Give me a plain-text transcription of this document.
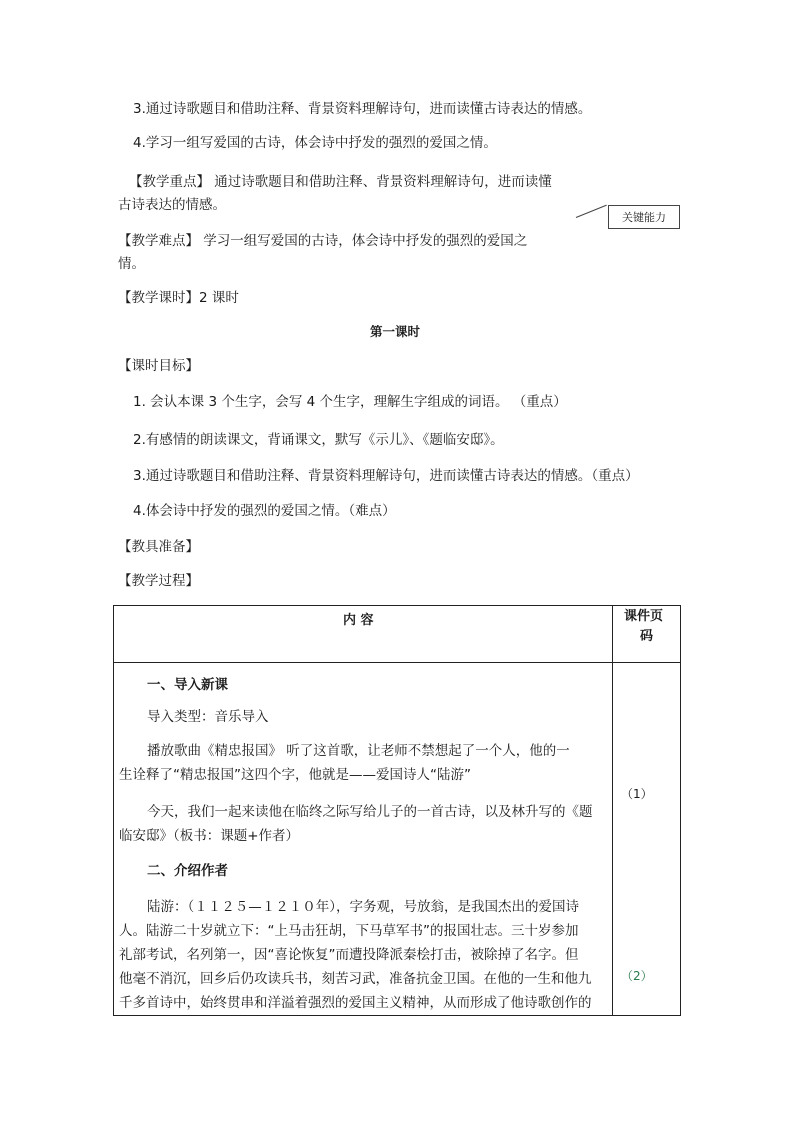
3.通过诗歌题目和借助注释、背景资料理解诗句，进而读懂古诗表达的情感。
4.学习一组写爱国的古诗，体会诗中抒发的强烈的爱国之情。
【教学重点】 通过诗歌题目和借助注释、背景资料理解诗句，进而读懂
古诗表达的情感。
关键能力
【教学难点】 学习一组写爱国的古诗，体会诗中抒发的强烈的爱国之
情。
【教学课时】2 课时
第一课时
【课时目标】
1. 会认本课 3 个生字，会写 4 个生字，理解生字组成的词语。 （重点）
2.有感情的朗读课文，背诵课文，默写《示儿》、《题临安邸》。
3.通过诗歌题目和借助注释、背景资料理解诗句，进而读懂古诗表达的情感。（重点）
4.体会诗中抒发的强烈的爱国之情。（难点）
【教具准备】
【教学过程】
内 容	课件页
码
一、导入新课
导入类型：音乐导入
播放歌曲《精忠报国》 听了这首歌，让老师不禁想起了一个人，他的一
生诠释了“精忠报国”这四个字，他就是——爱国诗人“陆游”
今天，我们一起来读他在临终之际写给儿子的一首古诗，以及林升写的《题
临安邸》（板书：课题+作者）
二、介绍作者
陆游：（１１２５—１２１０年），字务观，号放翁，是我国杰出的爱国诗
人。陆游二十岁就立下：“上马击狂胡，下马草军书”的报国壮志。三十岁参加
礼部考试，名列第一，因“喜论恢复”而遭投降派秦桧打击，被除掉了名字。但
他毫不消沉，回乡后仍攻读兵书，刻苦习武，准备抗金卫国。在他的一生和他九
千多首诗中，始终贯串和洋溢着强烈的爱国主义精神，从而形成了他诗歌创作的
（1）
（2）
